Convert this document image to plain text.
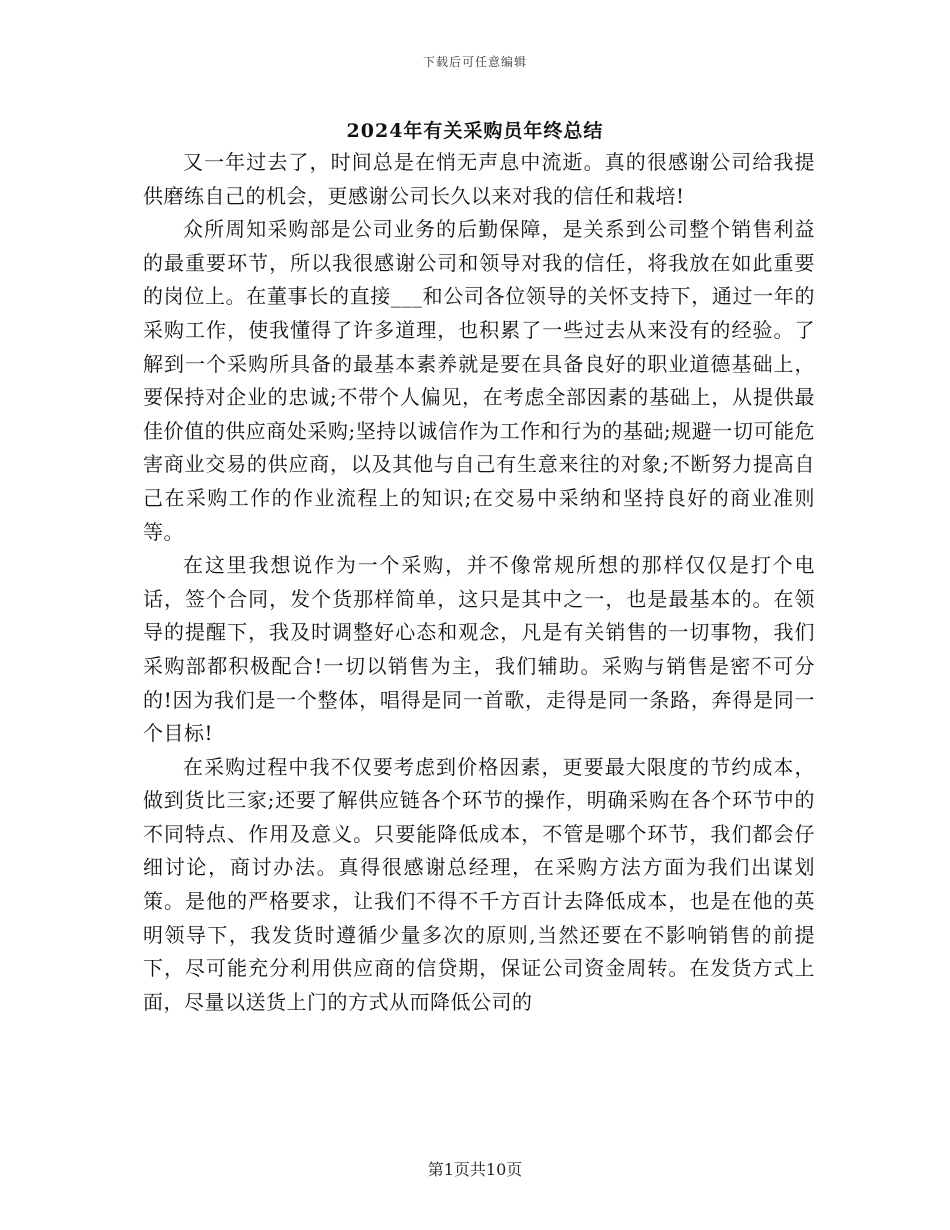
下载后可任意编辑
2024年有关采购员年终总结

又一年过去了，时间总是在悄无声息中流逝。真的很感谢公司给我提供磨练自己的机会，更感谢公司长久以来对我的信任和栽培!

众所周知采购部是公司业务的后勤保障，是关系到公司整个销售利益的最重要环节，所以我很感谢公司和领导对我的信任，将我放在如此重要的岗位上。在董事长的直接___和公司各位领导的关怀支持下，通过一年的采购工作，使我懂得了许多道理，也积累了一些过去从来没有的经验。了解到一个采购所具备的最基本素养就是要在具备良好的职业道德基础上，要保持对企业的忠诚;不带个人偏见，在考虑全部因素的基础上，从提供最佳价值的供应商处采购;坚持以诚信作为工作和行为的基础;规避一切可能危害商业交易的供应商，以及其他与自己有生意来往的对象;不断努力提高自己在采购工作的作业流程上的知识;在交易中采纳和坚持良好的商业准则等。

在这里我想说作为一个采购，并不像常规所想的那样仅仅是打个电话，签个合同，发个货那样简单，这只是其中之一，也是最基本的。在领导的提醒下，我及时调整好心态和观念，凡是有关销售的一切事物，我们采购部都积极配合!一切以销售为主，我们辅助。采购与销售是密不可分的!因为我们是一个整体，唱得是同一首歌，走得是同一条路，奔得是同一个目标!

在采购过程中我不仅要考虑到价格因素，更要最大限度的节约成本，做到货比三家;还要了解供应链各个环节的操作，明确采购在各个环节中的不同特点、作用及意义。只要能降低成本，不管是哪个环节，我们都会仔细讨论，商讨办法。真得很感谢总经理，在采购方法方面为我们出谋划策。是他的严格要求，让我们不得不千方百计去降低成本，也是在他的英明领导下，我发货时遵循少量多次的原则,当然还要在不影响销售的前提下，尽可能充分利用供应商的信贷期，保证公司资金周转。在发货方式上面，尽量以送货上门的方式从而降低公司的

第1页共10页
